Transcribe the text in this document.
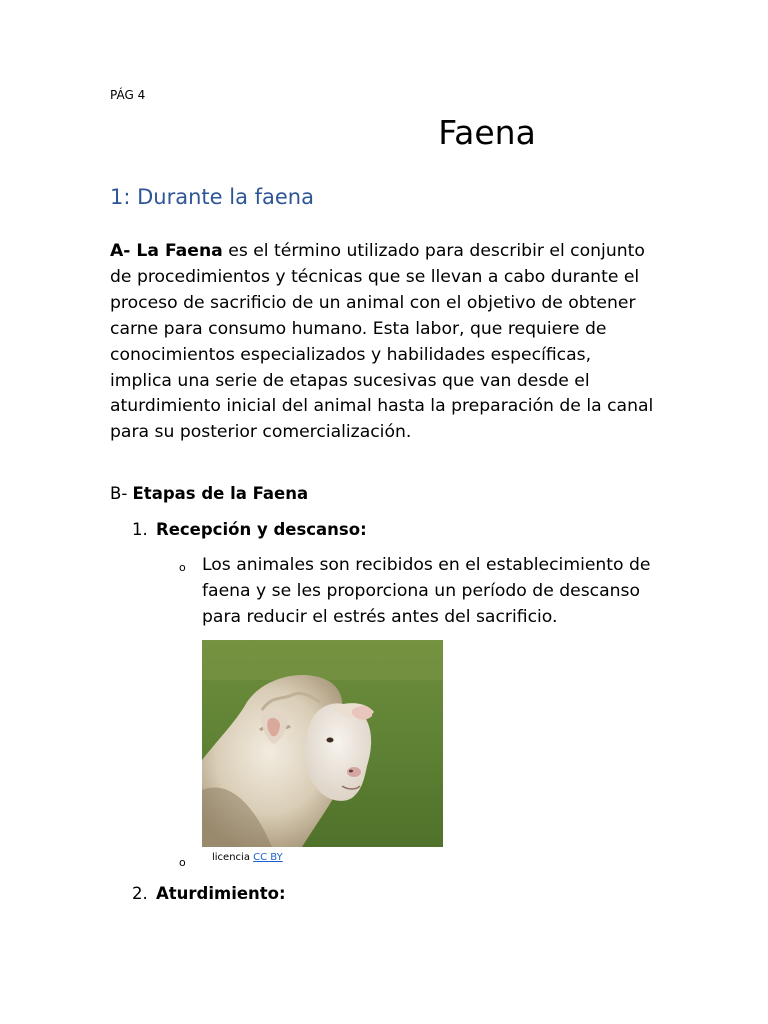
PÁG 4
Faena
1: Durante la faena

A- La Faena es el término utilizado para describir el conjunto de procedimientos y técnicas que se llevan a cabo durante el proceso de sacrificio de un animal con el objetivo de obtener carne para consumo humano. Esta labor, que requiere de conocimientos especializados y habilidades específicas, implica una serie de etapas sucesivas que van desde el aturdimiento inicial del animal hasta la preparación de la canal para su posterior comercialización.

B- Etapas de la Faena

1. Recepción y descanso:
o Los animales son recibidos en el establecimiento de faena y se les proporciona un período de descanso para reducir el estrés antes del sacrificio.

o	licencia CC BY
2. Aturdimiento:
